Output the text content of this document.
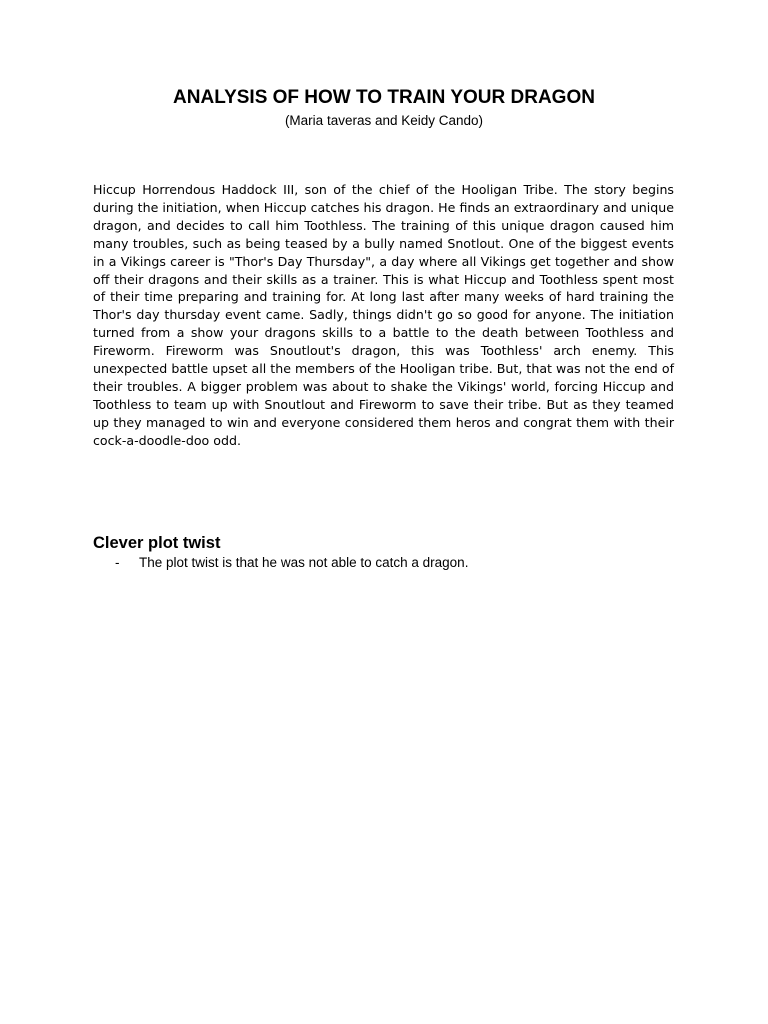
ANALYSIS OF HOW TO TRAIN YOUR DRAGON

(Maria taveras and Keidy Cando)

Hiccup Horrendous Haddock III, son of the chief of the Hooligan Tribe. The story begins during the initiation, when Hiccup catches his dragon. He finds an extraordinary and unique dragon, and decides to call him Toothless. The training of this unique dragon caused him many troubles, such as being teased by a bully named Snotlout. One of the biggest events in a Vikings career is "Thor's Day Thursday", a day where all Vikings get together and show off their dragons and their skills as a trainer. This is what Hiccup and Toothless spent most of their time preparing and training for. At long last after many weeks of hard training the Thor's day thursday event came. Sadly, things didn't go so good for anyone. The initiation turned from a show your dragons skills to a battle to the death between Toothless and Fireworm. Fireworm was Snoutlout's dragon, this was Toothless' arch enemy. This unexpected battle upset all the members of the Hooligan tribe. But, that was not the end of their troubles. A bigger problem was about to shake the Vikings' world, forcing Hiccup and Toothless to team up with Snoutlout and Fireworm to save their tribe. But as they teamed up they managed to win and everyone considered them heros and congrat them with their cock-a-doodle-doo odd.

Clever plot twist
- The plot twist is that he was not able to catch a dragon.
